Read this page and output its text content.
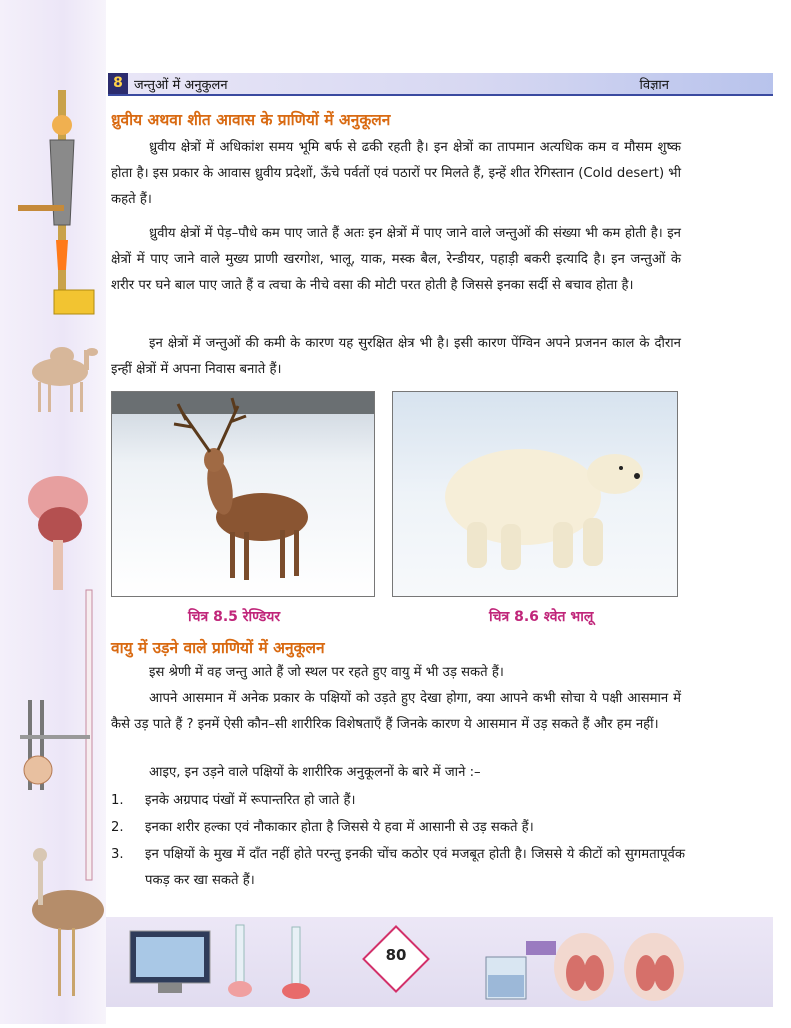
8 जन्तुओं में अनुकुलन	विज्ञान
ध्रुवीय अथवा शीत आवास के प्राणियों में अनुकूलन

ध्रुवीय क्षेत्रों में अधिकांश समय भूमि बर्फ से ढकी रहती है। इन क्षेत्रों का तापमान अत्यधिक कम व मौसम शुष्क होता है। इस प्रकार के आवास ध्रुवीय प्रदेशों, ऊँचे पर्वतों एवं पठारों पर मिलते हैं, इन्हें शीत रेगिस्तान (Cold desert) भी कहते हैं।

ध्रुवीय क्षेत्रों में पेड़–पौधे कम पाए जाते हैं अतः इन क्षेत्रों में पाए जाने वाले जन्तुओं की संख्या भी कम होती है। इन क्षेत्रों में पाए जाने वाले मुख्य प्राणी खरगोश, भालू, याक, मस्क बैल, रेन्डीयर, पहाड़ी बकरी इत्यादि है। इन जन्तुओं के शरीर पर घने बाल पाए जाते हैं व त्वचा के नीचे वसा की मोटी परत होती है जिससे इनका सर्दी से बचाव होता है।

इन क्षेत्रों में जन्तुओं की कमी के कारण यह सुरक्षित क्षेत्र भी है। इसी कारण पेंग्विन अपने प्रजनन काल के दौरान इन्हीं क्षेत्रों में अपना निवास बनाते हैं।

चित्र 8.5 रेण्डियर	चित्र 8.6 श्वेत भालू
वायु में उड़ने वाले प्राणियों में अनुकूलन

इस श्रेणी में वह जन्तु आते हैं जो स्थल पर रहते हुए वायु में भी उड़ सकते हैं।

आपने आसमान में अनेक प्रकार के पक्षियों को उड़ते हुए देखा होगा, क्या आपने कभी सोचा ये पक्षी आसमान में कैसे उड़ पाते हैं ? इनमें ऐसी कौन–सी शारीरिक विशेषताएँ हैं जिनके कारण ये आसमान में उड़ सकते हैं और हम नहीं।

आइए, इन उड़ने वाले पक्षियों के शारीरिक अनुकूलनों के बारे में जाने :–

1.	इनके अग्रपाद पंखों में रूपान्तरित हो जाते हैं।
2.	इनका शरीर हल्का एवं नौकाकार होता है जिससे ये हवा में आसानी से उड़ सकते हैं।
3.	इन पक्षियों के मुख में दाँत नहीं होते परन्तु इनकी चोंच कठोर एवं मजबूत होती है। जिससे ये कीटों को सुगमतापूर्वक पकड़ कर खा सकते हैं।
80
